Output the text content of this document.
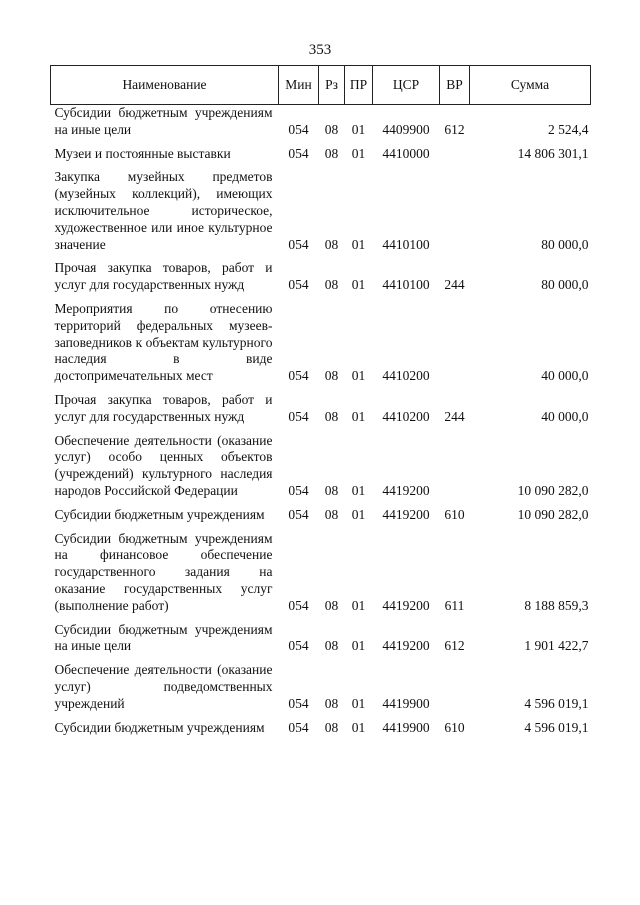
353
Наименование	Мин	Рз	ПР	ЦСР	ВР	Сумма
Субсидии бюджетным учреждениям на иные цели	054	08	01	4409900	612	2 524,4

Музеи и постоянные выставки	054	08	01	4410000		14 806 301,1

Закупка музейных предметов (музейных коллекций), имеющих исключительное историческое, художественное или иное культурное значение	054	08	01	4410100		80 000,0

Прочая закупка товаров, работ и услуг для государственных нужд	054	08	01	4410100	244	80 000,0

Мероприятия по отнесению территорий федеральных музеев-заповедников к объектам культурного наследия в виде достопримечательных мест	054	08	01	4410200		40 000,0

Прочая закупка товаров, работ и услуг для государственных нужд	054	08	01	4410200	244	40 000,0

Обеспечение деятельности (оказание услуг) особо ценных объектов (учреждений) культурного наследия народов Российской Федерации	054	08	01	4419200		10 090 282,0

Субсидии бюджетным учреждениям	054	08	01	4419200	610	10 090 282,0

Субсидии бюджетным учреждениям на финансовое обеспечение государственного задания на оказание государственных услуг (выполнение работ)	054	08	01	4419200	611	8 188 859,3

Субсидии бюджетным учреждениям на иные цели	054	08	01	4419200	612	1 901 422,7

Обеспечение деятельности (оказание услуг) подведомственных учреждений	054	08	01	4419900		4 596 019,1

Субсидии бюджетным учреждениям	054	08	01	4419900	610	4 596 019,1
